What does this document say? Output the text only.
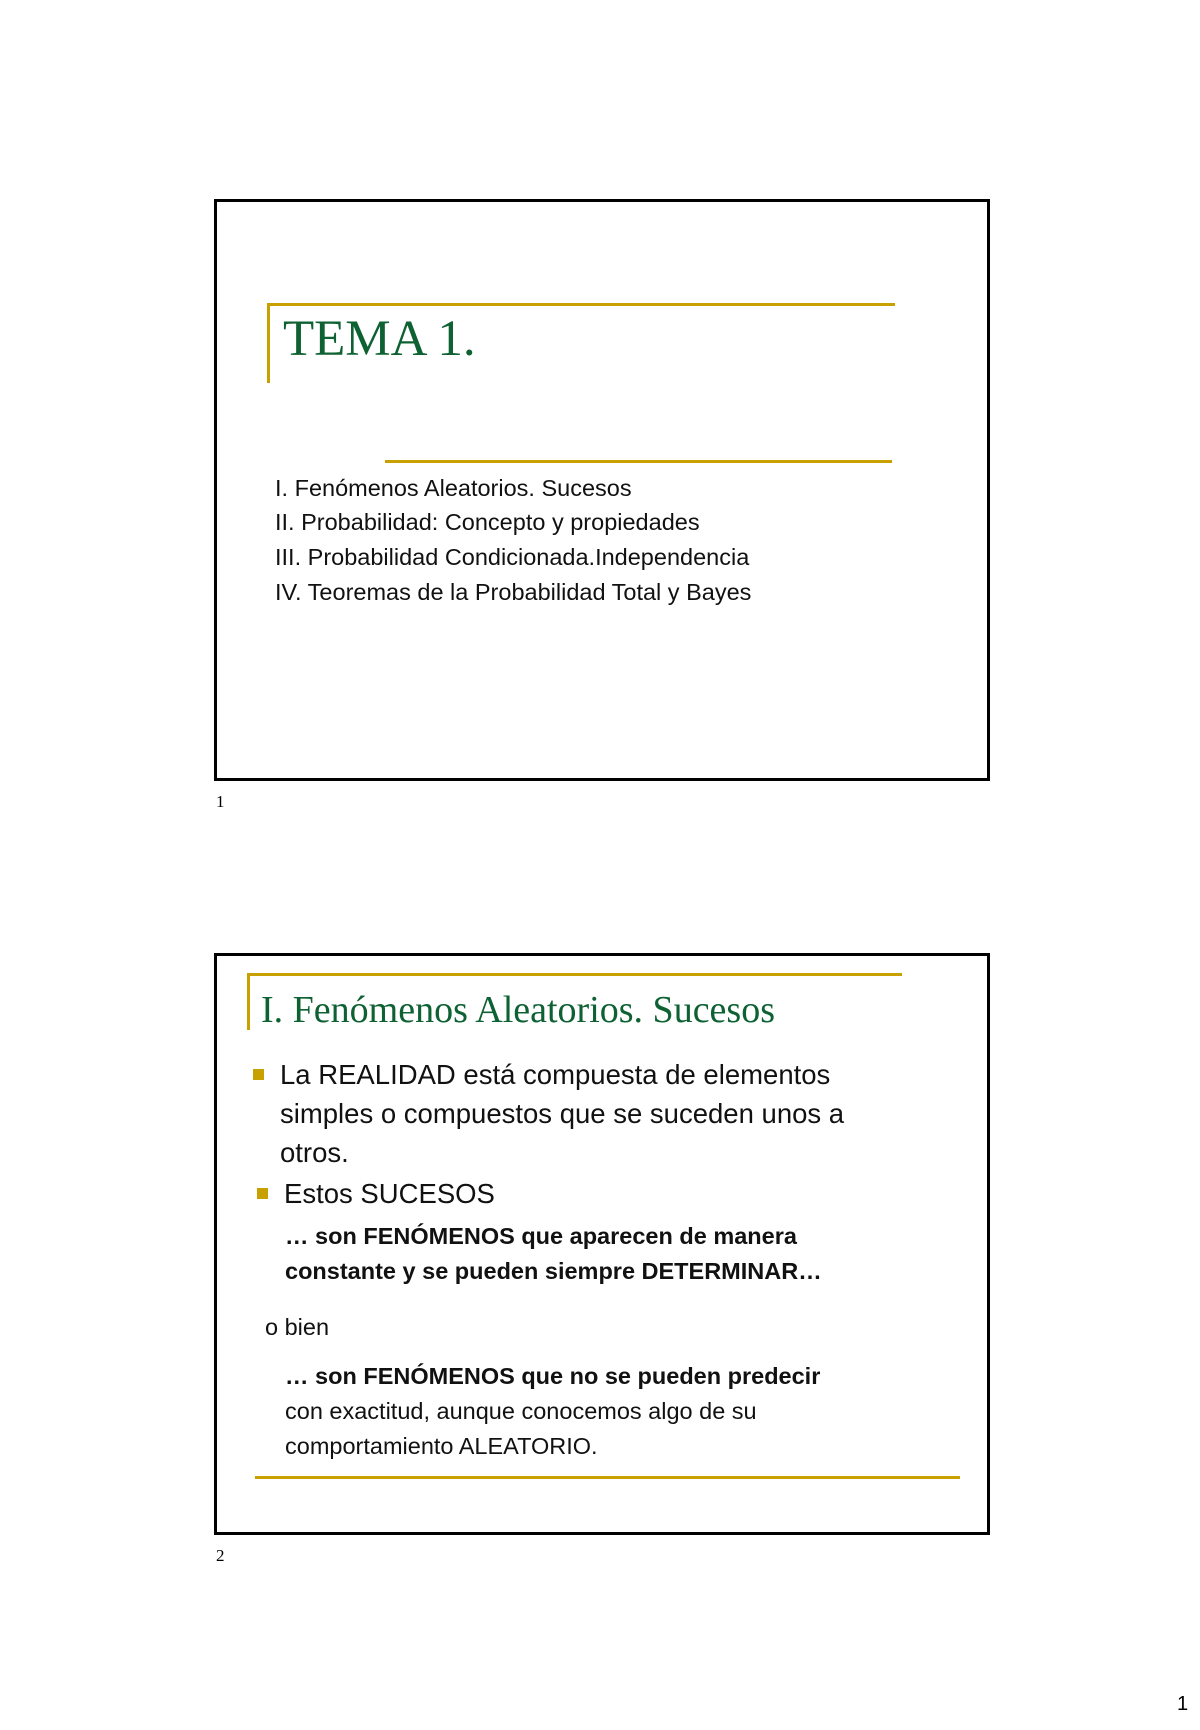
TEMA 1.
I. Fenómenos Aleatorios. Sucesos
II. Probabilidad: Concepto y propiedades
III. Probabilidad Condicionada.Independencia
IV. Teoremas de la Probabilidad Total y Bayes
1
I. Fenómenos Aleatorios. Sucesos
La REALIDAD está compuesta de elementos simples o compuestos que se suceden unos a otros.
Estos SUCESOS
… son FENÓMENOS que aparecen de manera constante y se pueden siempre DETERMINAR…
o bien
… son FENÓMENOS que no se pueden predecir
con exactitud, aunque conocemos algo de su comportamiento ALEATORIO.
2
1
